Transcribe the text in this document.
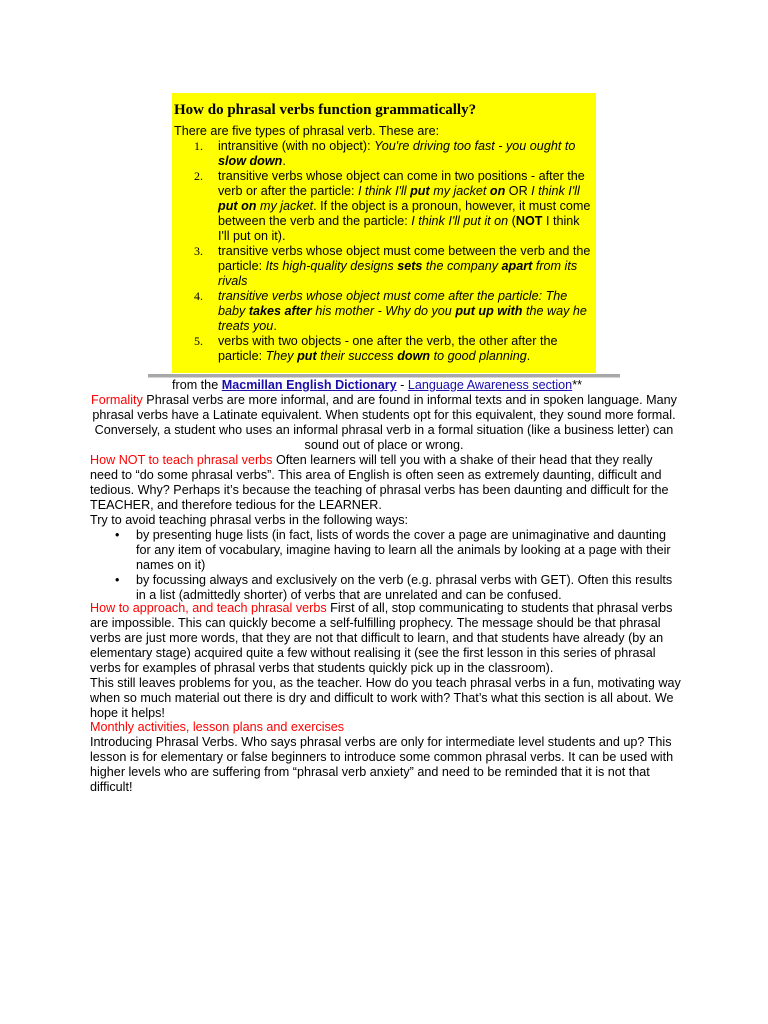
How do phrasal verbs function grammatically?
There are five types of phrasal verb. These are:
1. intransitive (with no object): You're driving too fast - you ought to slow down.
2. transitive verbs whose object can come in two positions - after the verb or after the particle: I think I'll put my jacket on OR I think I'll put on my jacket. If the object is a pronoun, however, it must come between the verb and the particle: I think I'll put it on (NOT I think I'll put on it).
3. transitive verbs whose object must come between the verb and the particle: Its high-quality designs sets the company apart from its rivals
4. transitive verbs whose object must come after the particle: The baby takes after his mother - Why do you put up with the way he treats you.
5. verbs with two objects - one after the verb, the other after the particle: They put their success down to good planning.
from the Macmillan English Dictionary - Language Awareness section**

Formality Phrasal verbs are more informal, and are found in informal texts and in spoken language. Many phrasal verbs have a Latinate equivalent. When students opt for this equivalent, they sound more formal. Conversely, a student who uses an informal phrasal verb in a formal situation (like a business letter) can sound out of place or wrong.

How NOT to teach phrasal verbs Often learners will tell you with a shake of their head that they really need to “do some phrasal verbs”. This area of English is often seen as extremely daunting, difficult and tedious. Why? Perhaps it’s because the teaching of phrasal verbs has been daunting and difficult for the TEACHER, and therefore tedious for the LEARNER.

Try to avoid teaching phrasal verbs in the following ways:

• by presenting huge lists (in fact, lists of words the cover a page are unimaginative and daunting for any item of vocabulary, imagine having to learn all the animals by looking at a page with their names on it)
• by focussing always and exclusively on the verb (e.g. phrasal verbs with GET). Often this results in a list (admittedly shorter) of verbs that are unrelated and can be confused.

How to approach, and teach phrasal verbs First of all, stop communicating to students that phrasal verbs are impossible. This can quickly become a self-fulfilling prophecy. The message should be that phrasal verbs are just more words, that they are not that difficult to learn, and that students have already (by an elementary stage) acquired quite a few without realising it (see the first lesson in this series of phrasal verbs for examples of phrasal verbs that students quickly pick up in the classroom).

This still leaves problems for you, as the teacher. How do you teach phrasal verbs in a fun, motivating way when so much material out there is dry and difficult to work with? That’s what this section is all about. We hope it helps!

Monthly activities, lesson plans and exercises

Introducing Phrasal Verbs. Who says phrasal verbs are only for intermediate level students and up? This lesson is for elementary or false beginners to introduce some common phrasal verbs. It can be used with higher levels who are suffering from “phrasal verb anxiety” and need to be reminded that it is not that difficult!
